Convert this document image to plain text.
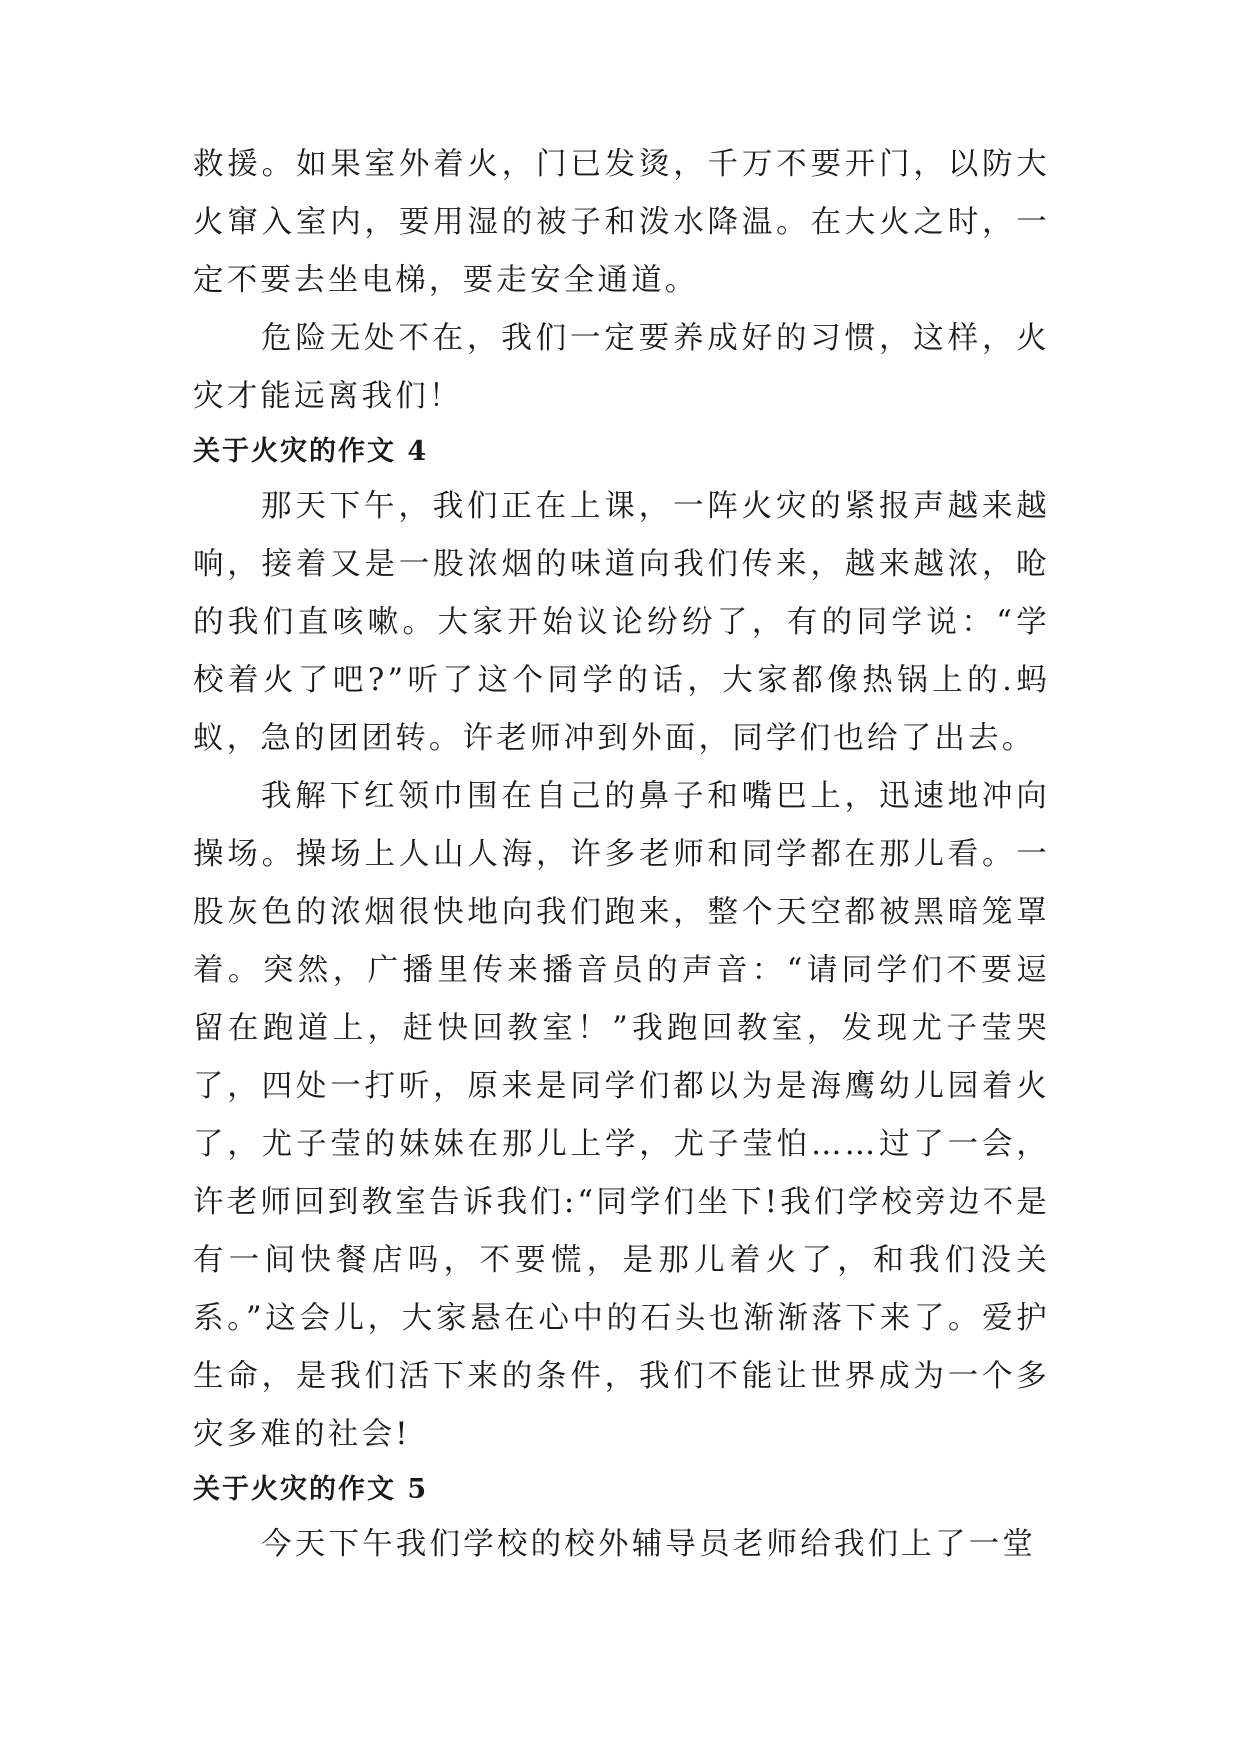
救援。如果室外着火，门已发烫，千万不要开门，以防大火窜入室内，要用湿的被子和泼水降温。在大火之时，一定不要去坐电梯，要走安全通道。

危险无处不在，我们一定要养成好的习惯，这样，火灾才能远离我们！

关于火灾的作文 4

那天下午，我们正在上课，一阵火灾的紧报声越来越响，接着又是一股浓烟的味道向我们传来，越来越浓，呛的我们直咳嗽。大家开始议论纷纷了，有的同学说：“学校着火了吧?”听了这个同学的话，大家都像热锅上的.蚂蚁，急的团团转。许老师冲到外面，同学们也给了出去。

我解下红领巾围在自己的鼻子和嘴巴上，迅速地冲向操场。操场上人山人海，许多老师和同学都在那儿看。一股灰色的浓烟很快地向我们跑来，整个天空都被黑暗笼罩着。突然，广播里传来播音员的声音：“请同学们不要逗留在跑道上，赶快回教室！”我跑回教室，发现尤子莹哭了，四处一打听，原来是同学们都以为是海鹰幼儿园着火了，尤子莹的妹妹在那儿上学，尤子莹怕……过了一会，许老师回到教室告诉我们:“同学们坐下!我们学校旁边不是有一间快餐店吗，不要慌，是那儿着火了，和我们没关系。”这会儿，大家悬在心中的石头也渐渐落下来了。爱护生命，是我们活下来的条件，我们不能让世界成为一个多灾多难的社会!

关于火灾的作文 5

今天下午我们学校的校外辅导员老师给我们上了一堂
